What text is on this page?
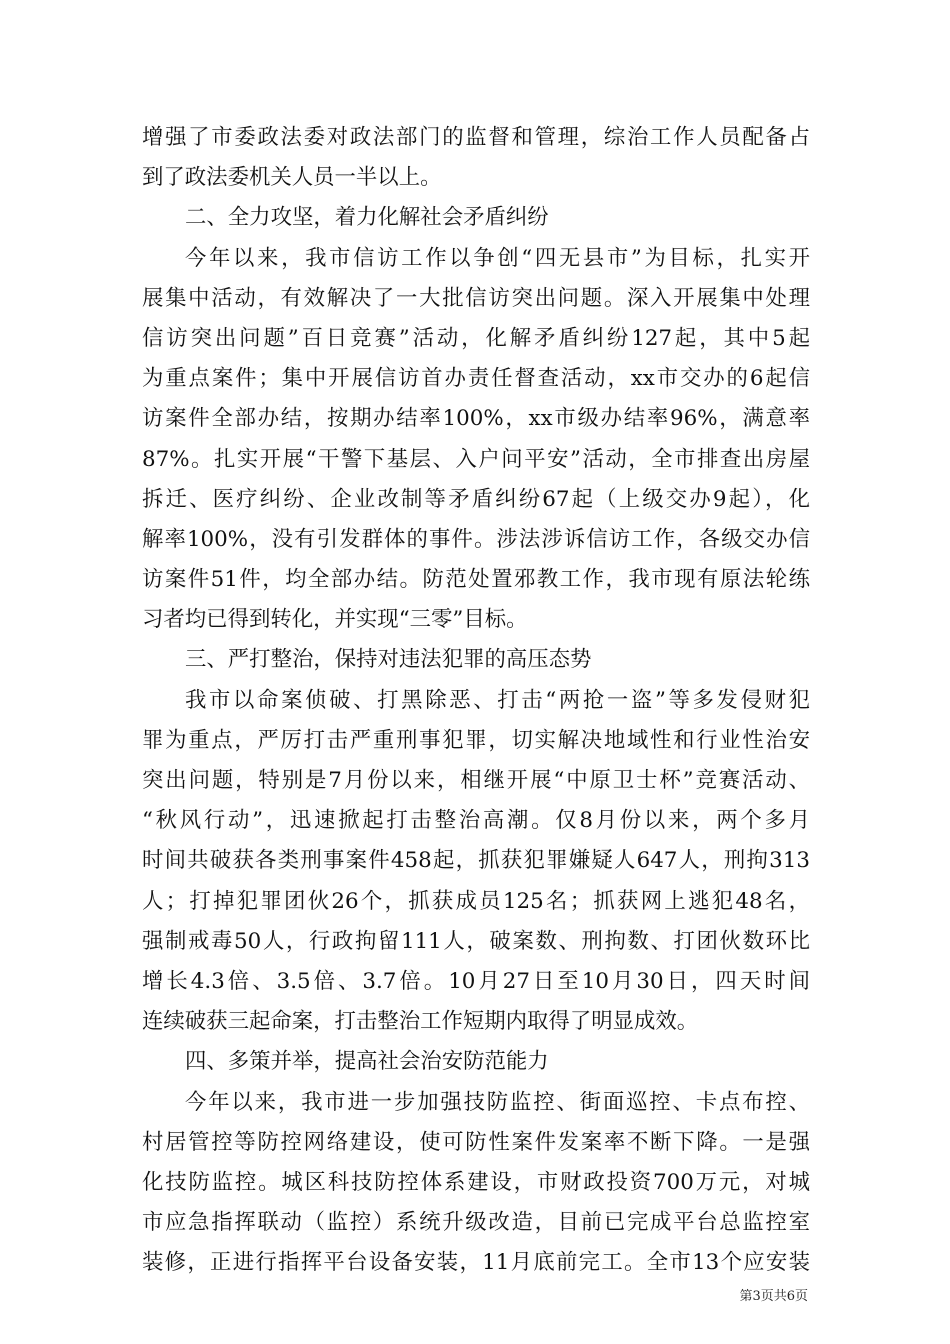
增强了市委政法委对政法部门的监督和管理，综治工作人员配备占
到了政法委机关人员一半以上。
二、全力攻坚，着力化解社会矛盾纠纷
今年以来，我市信访工作以争创“四无县市”为目标，扎实开
展集中活动，有效解决了一大批信访突出问题。深入开展集中处理
信访突出问题”百日竞赛”活动，化解矛盾纠纷127起，其中5起
为重点案件；集中开展信访首办责任督查活动，xx市交办的6起信
访案件全部办结，按期办结率100%，xx市级办结率96%，满意率
87%。扎实开展“干警下基层、入户问平安”活动，全市排查出房屋
拆迁、医疗纠纷、企业改制等矛盾纠纷67起（上级交办9起），化
解率100%，没有引发群体的事件。涉法涉诉信访工作，各级交办信
访案件51件，均全部办结。防范处置邪教工作，我市现有原法轮练
习者均已得到转化，并实现“三零”目标。
三、严打整治，保持对违法犯罪的高压态势
我市以命案侦破、打黑除恶、打击“两抢一盗”等多发侵财犯
罪为重点，严厉打击严重刑事犯罪，切实解决地域性和行业性治安
突出问题，特别是7月份以来，相继开展“中原卫士杯”竞赛活动、
“秋风行动”，迅速掀起打击整治高潮。仅8月份以来，两个多月
时间共破获各类刑事案件458起，抓获犯罪嫌疑人647人，刑拘313
人；打掉犯罪团伙26个，抓获成员125名；抓获网上逃犯48名，
强制戒毒50人，行政拘留111人，破案数、刑拘数、打团伙数环比
增长4.3倍、3.5倍、3.7倍。10月27日至10月30日，四天时间
连续破获三起命案，打击整治工作短期内取得了明显成效。
四、多策并举，提高社会治安防范能力
今年以来，我市进一步加强技防监控、街面巡控、卡点布控、
村居管控等防控网络建设，使可防性案件发案率不断下降。一是强
化技防监控。城区科技防控体系建设，市财政投资700万元，对城
市应急指挥联动（监控）系统升级改造，目前已完成平台总监控室
装修，正进行指挥平台设备安装，11月底前完工。全市13个应安装
第3页共6页
